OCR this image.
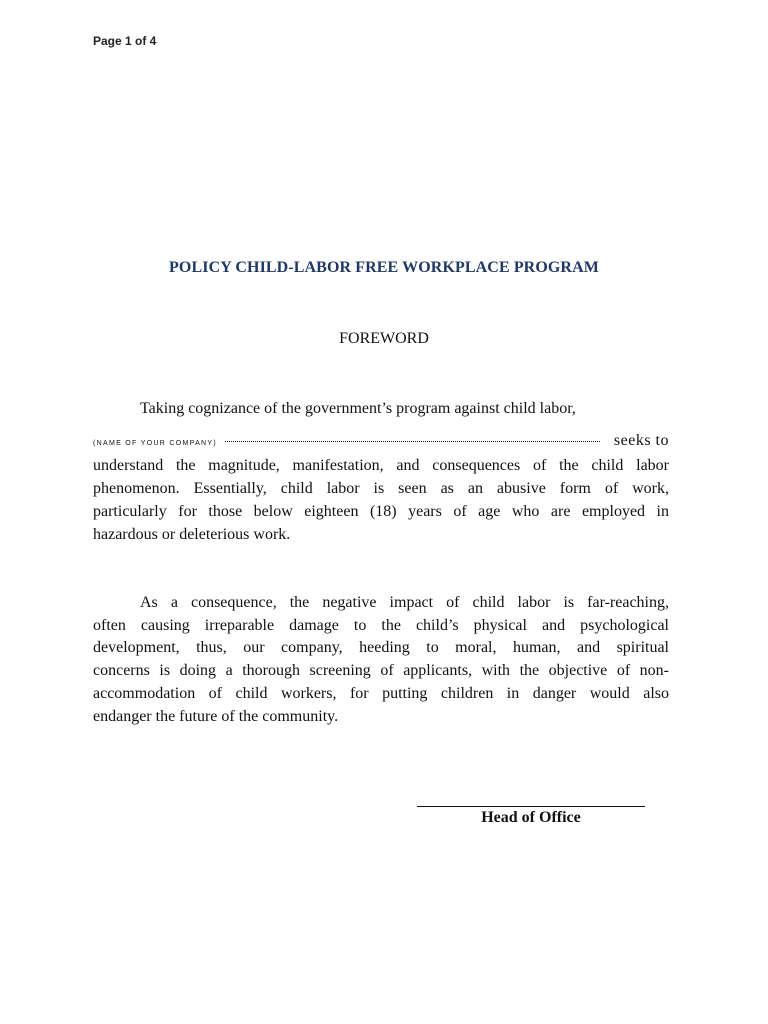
Page 1 of 4
POLICY CHILD-LABOR FREE WORKPLACE PROGRAM
FOREWORD
Taking cognizance of the government’s program against child labor,
(NAME OF YOUR COMPANY)	seeks to
understand the magnitude, manifestation, and consequences of the child labor
phenomenon. Essentially, child labor is seen as an abusive form of work,
particularly for those below eighteen (18) years of age who are employed in
hazardous or deleterious work.
As a consequence, the negative impact of child labor is far-reaching,
often causing irreparable damage to the child’s physical and psychological
development, thus, our company, heeding to moral, human, and spiritual
concerns is doing a thorough screening of applicants, with the objective of non-
accommodation of child workers, for putting children in danger would also
endanger the future of the community.
Head of Office
